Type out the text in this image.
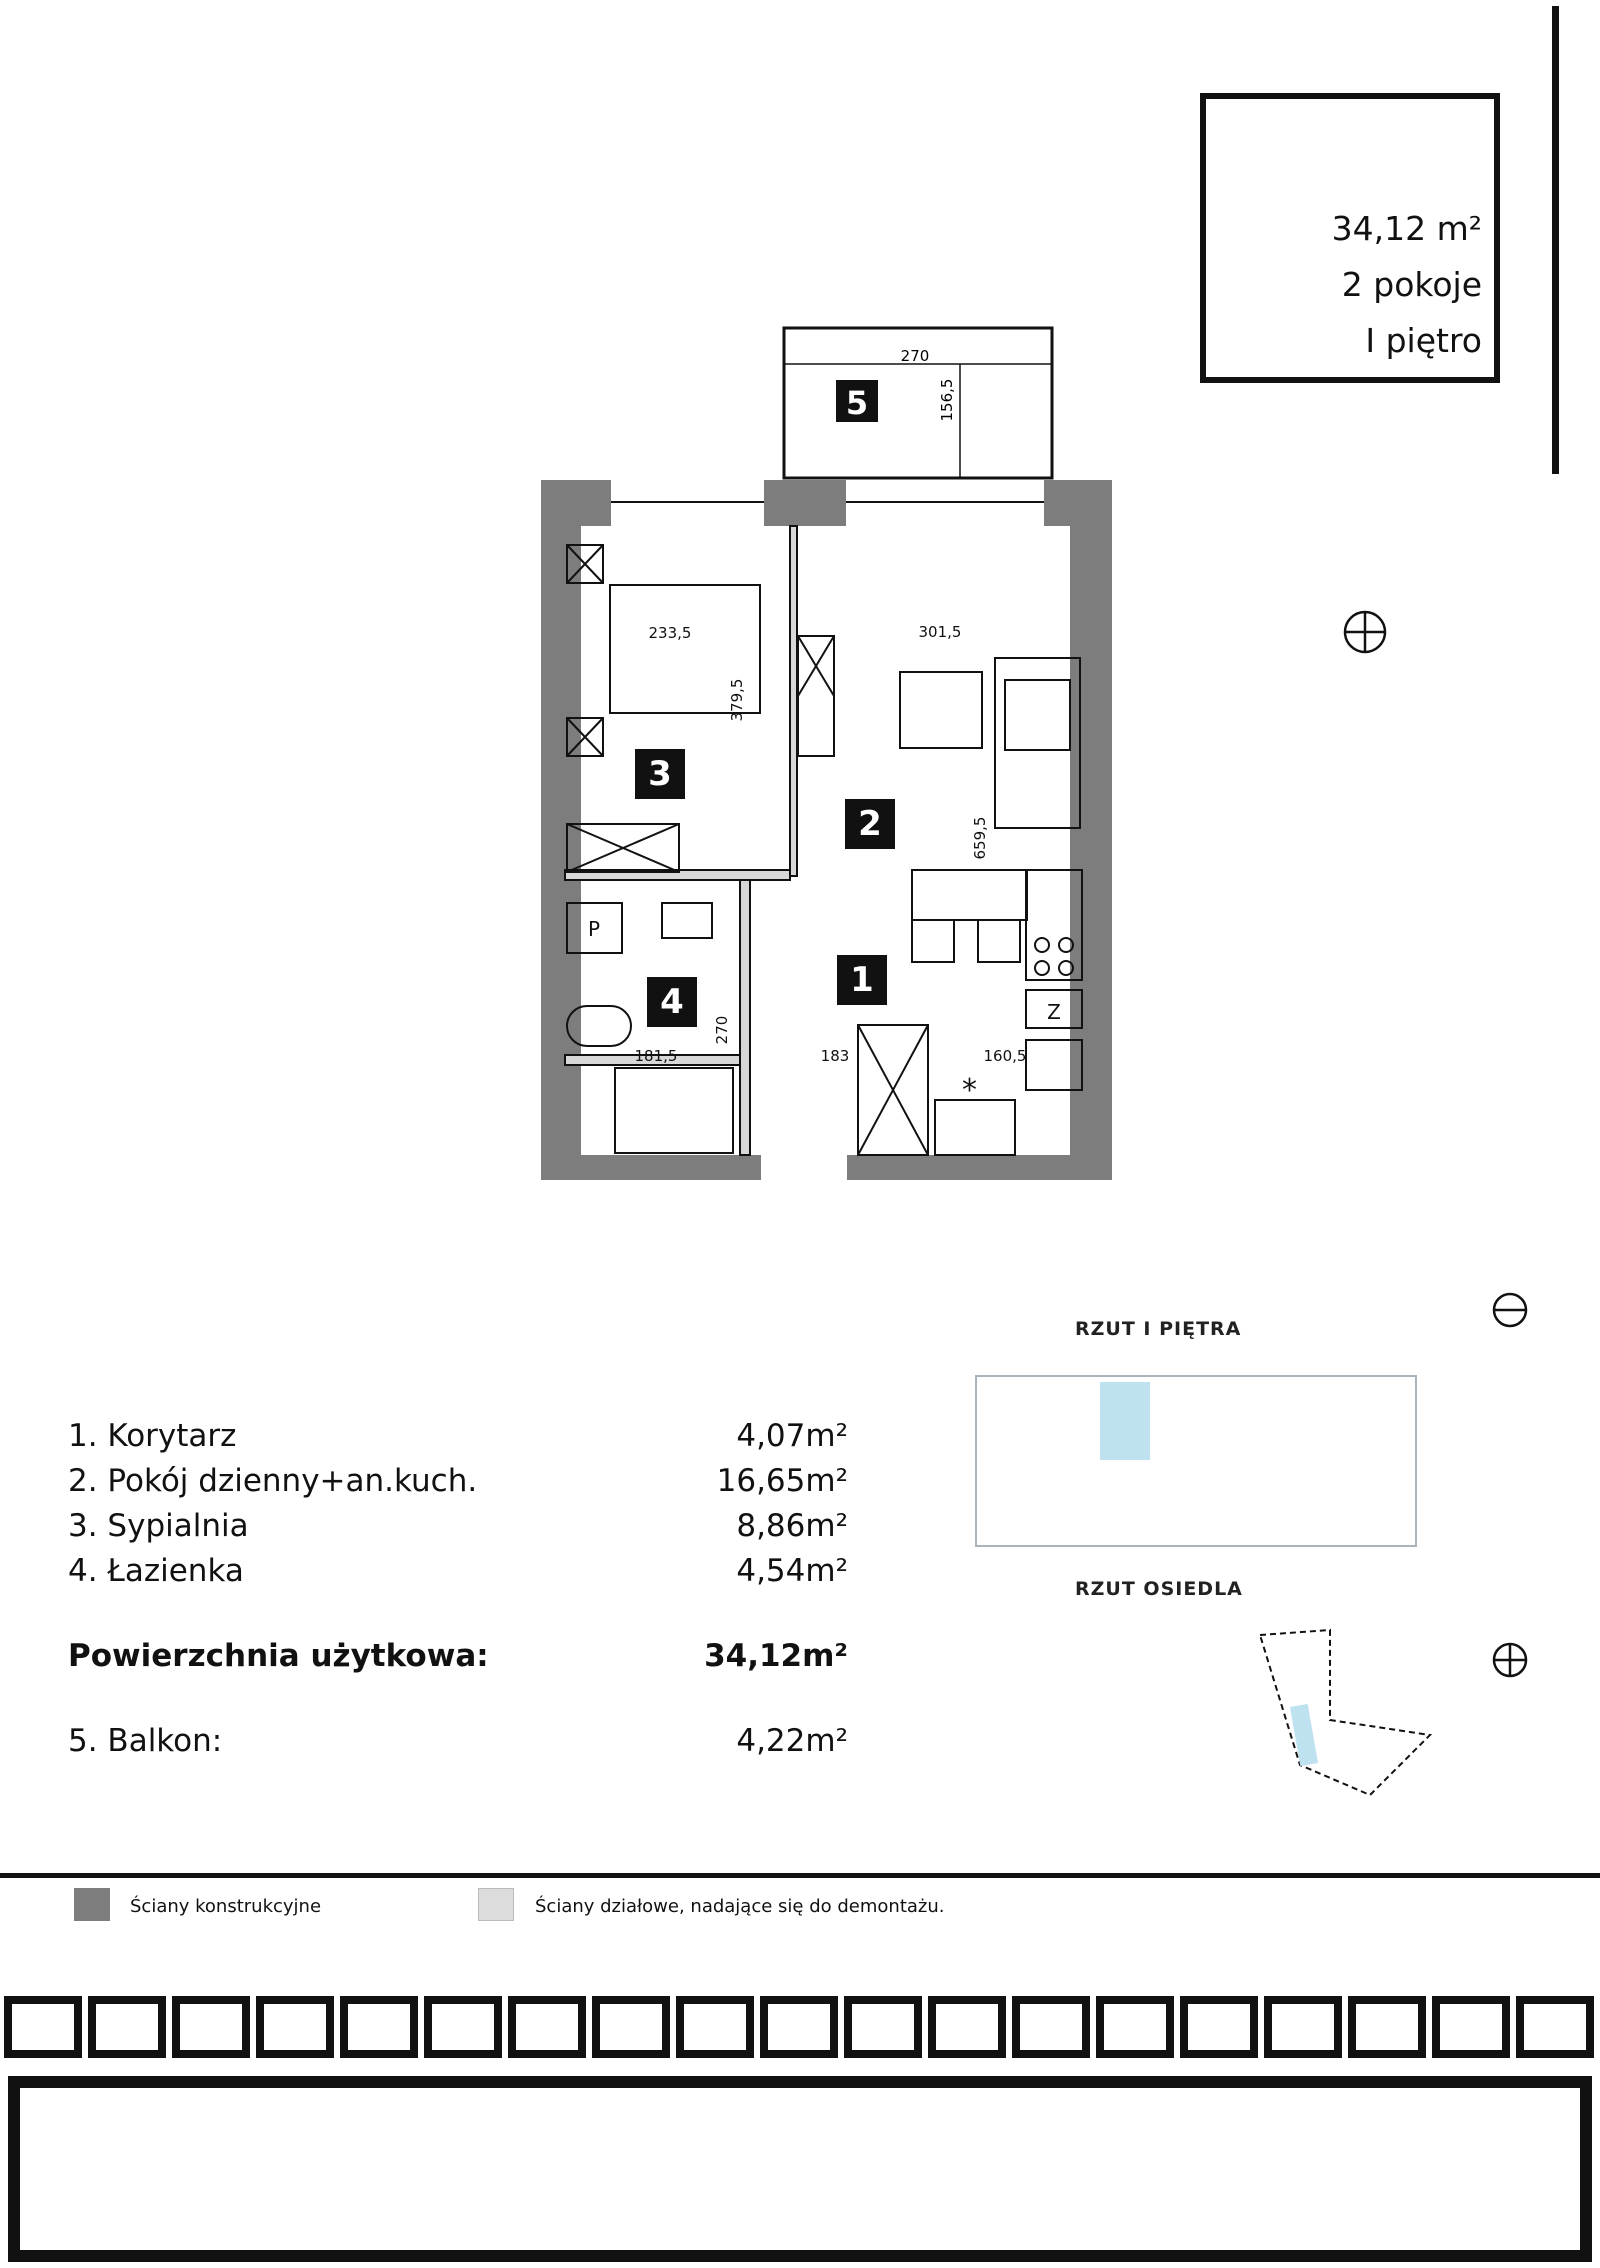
34,12 m²
2 pokoje
I piętro
5
270
156,5
3
233,5
379,5
Z
2
301,5
659,5
P
4
181,5
270
*
1
183	160,5
RZUT I PIĘTRA
RZUT OSIEDLA
1. Korytarz	4,07m²
2. Pokój dzienny+an.kuch.	16,65m²
3. Sypialnia	8,86m²
4. Łazienka	4,54m²
Powierzchnia użytkowa:	34,12m²
5. Balkon:	4,22m²
Ściany konstrukcyjne	Ściany działowe, nadające się do demontażu.
